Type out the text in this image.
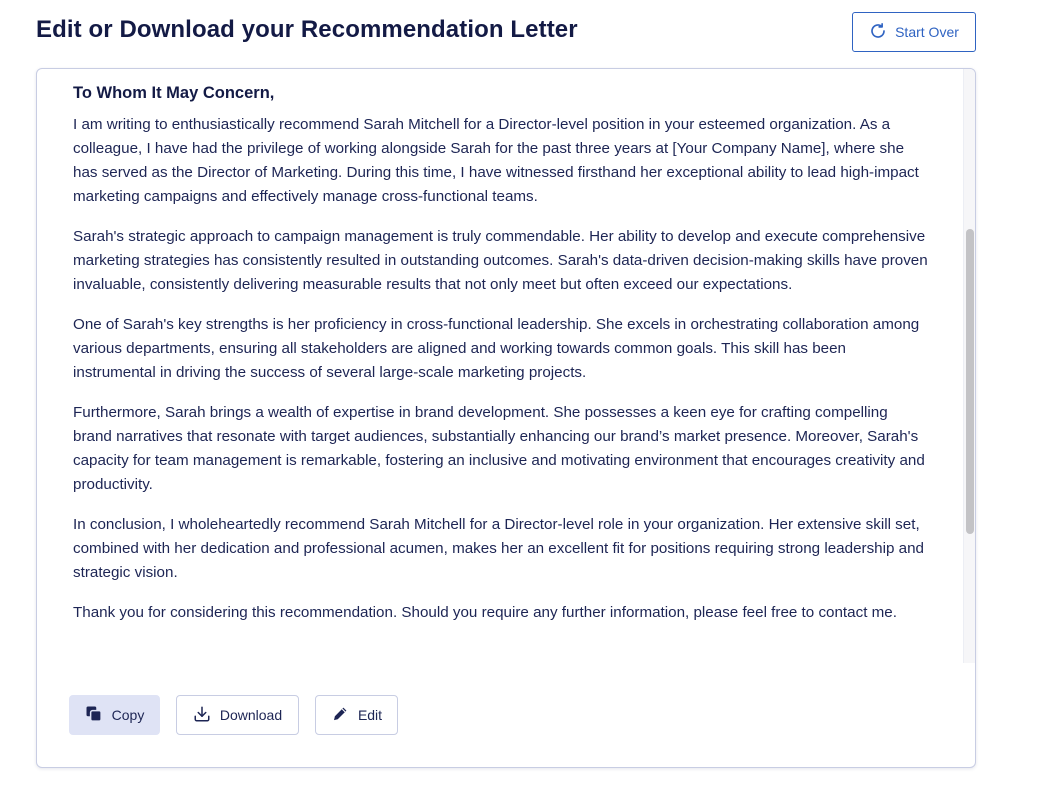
Edit or Download your Recommendation Letter	Start Over
To Whom It May Concern,

I am writing to enthusiastically recommend Sarah Mitchell for a Director-level position in your esteemed organization. As a colleague, I have had the privilege of working alongside Sarah for the past three years at [Your Company Name], where she has served as the Director of Marketing. During this time, I have witnessed firsthand her exceptional ability to lead high-impact marketing campaigns and effectively manage cross-functional teams.

Sarah's strategic approach to campaign management is truly commendable. Her ability to develop and execute comprehensive marketing strategies has consistently resulted in outstanding outcomes. Sarah's data-driven decision-making skills have proven invaluable, consistently delivering measurable results that not only meet but often exceed our expectations.

One of Sarah's key strengths is her proficiency in cross-functional leadership. She excels in orchestrating collaboration among various departments, ensuring all stakeholders are aligned and working towards common goals. This skill has been instrumental in driving the success of several large-scale marketing projects.

Furthermore, Sarah brings a wealth of expertise in brand development. She possesses a keen eye for crafting compelling brand narratives that resonate with target audiences, substantially enhancing our brand’s market presence. Moreover, Sarah's capacity for team management is remarkable, fostering an inclusive and motivating environment that encourages creativity and productivity.

In conclusion, I wholeheartedly recommend Sarah Mitchell for a Director-level role in your organization. Her extensive skill set, combined with her dedication and professional acumen, makes her an excellent fit for positions requiring strong leadership and strategic vision.

Thank you for considering this recommendation. Should you require any further information, please feel free to contact me.

Copy	Download	Edit
